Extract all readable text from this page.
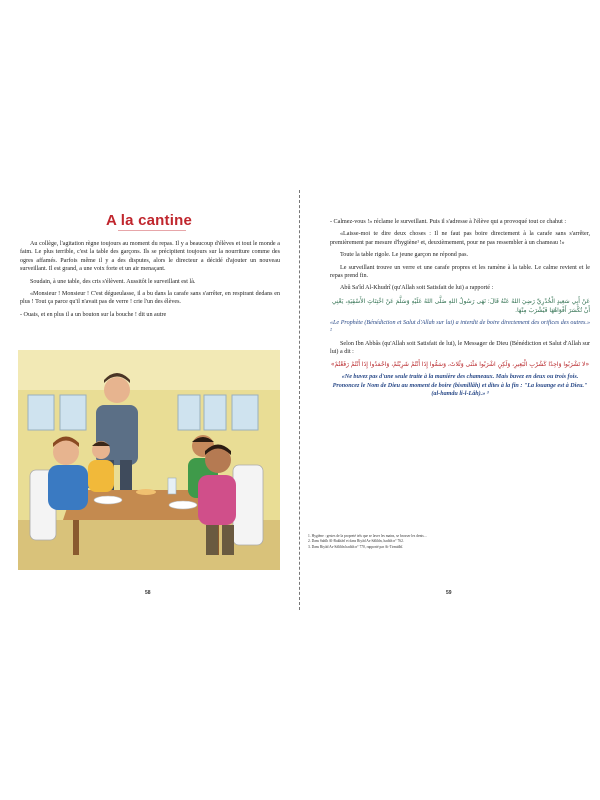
A la cantine

Au collège, l'agitation règne toujours au moment du repas. Il y a beaucoup d'élèves et tout le monde a faim. Le plus terrible, c'est la table des garçons. Ils se précipitent toujours sur la nourriture comme des ogres affamés. Parfois même il y a des disputes, alors le directeur a décidé d'ajouter un nouveau surveillant. Il est grand, a une voix forte et un air menaçant.

Soudain, à une table, des cris s'élèvent. Aussitôt le surveillant est là.

«Monsieur ! Monsieur ! C'est dégueulasse, il a bu dans la carafe sans s'arrêter, en respirant dedans en plus ! Tout ça parce qu'il n'avait pas de verre ! crie l'un des élèves.

- Ouais, et en plus il a un bouton sur la bouche ! dit un autre

58

- Calmez-vous !» réclame le surveillant. Puis il s'adresse à l'élève qui a provoqué tout ce chahut :

«Laisse-moi te dire deux choses : Il ne faut pas boire directement à la carafe sans s'arrêter, premièrement par mesure d'hygiène¹ et, deuxièmement, pour ne pas ressembler à un chameau !»

Toute la table rigole. Le jeune garçon ne répond pas.

Le surveillant trouve un verre et une carafe propres et les ramène à la table. Le calme revient et le repas prend fin.

Abû Sa'îd Al-Khudrî (qu'Allah soit Satisfait de lui) a rapporté :

عَنْ أَبِي سَعِيدٍ الْخُدْرِيِّ رَضِيَ اللهُ عَنْهُ قَالَ: نَهَى رَسُولُ اللهِ صَلَّى اللهُ عَلَيْهِ وَسَلَّمَ عَنْ اخْتِنَاثِ الأَسْقِيَةِ، يَعْنِي أَنْ تُكْسَرَ أَفْوَاهُهَا فَيُشْرَبَ مِنْهَا.

«Le Prophète (Bénédiction et Salut d'Allah sur lui) a interdit de boire directement des orifices des outres.» ²

Selon Ibn Abbâs (qu'Allah soit Satisfait de lui), le Messager de Dieu (Bénédiction et Salut d'Allah sur lui) a dit :

«لا تَشْرَبُوا وَاحِدًا كَشُرْبِ الْبَعِيرِ، وَلَكِنِ اشْرَبُوا مَثْنَى وَثُلاثَ، وَسَمُّوا إِذَا أَنْتُمْ شَرِبْتُمْ، وَاحْمَدُوا إِذَا أَنْتُمْ رَفَعْتُمْ»

«Ne buvez pas d'une seule traite à la manière des chameaux. Mais buvez en deux ou trois fois. Prononcez le Nom de Dieu au moment de boire (bismillâh) et dites à la fin : "La louange est à Dieu." (al-hamdu li-l-Lâh).» ³

1. Hygiène : gestes de la propreté tels que se laver les mains, se brosser les dents…
2. Dans Sahîh Al-Bukhârî et dans Riyâd As-Sâlihîn, hadith n° 762.
3. Dans Riyâd As-Sâlihîn hadith n° 770, rapporté par At-Tirmidhî.
59
